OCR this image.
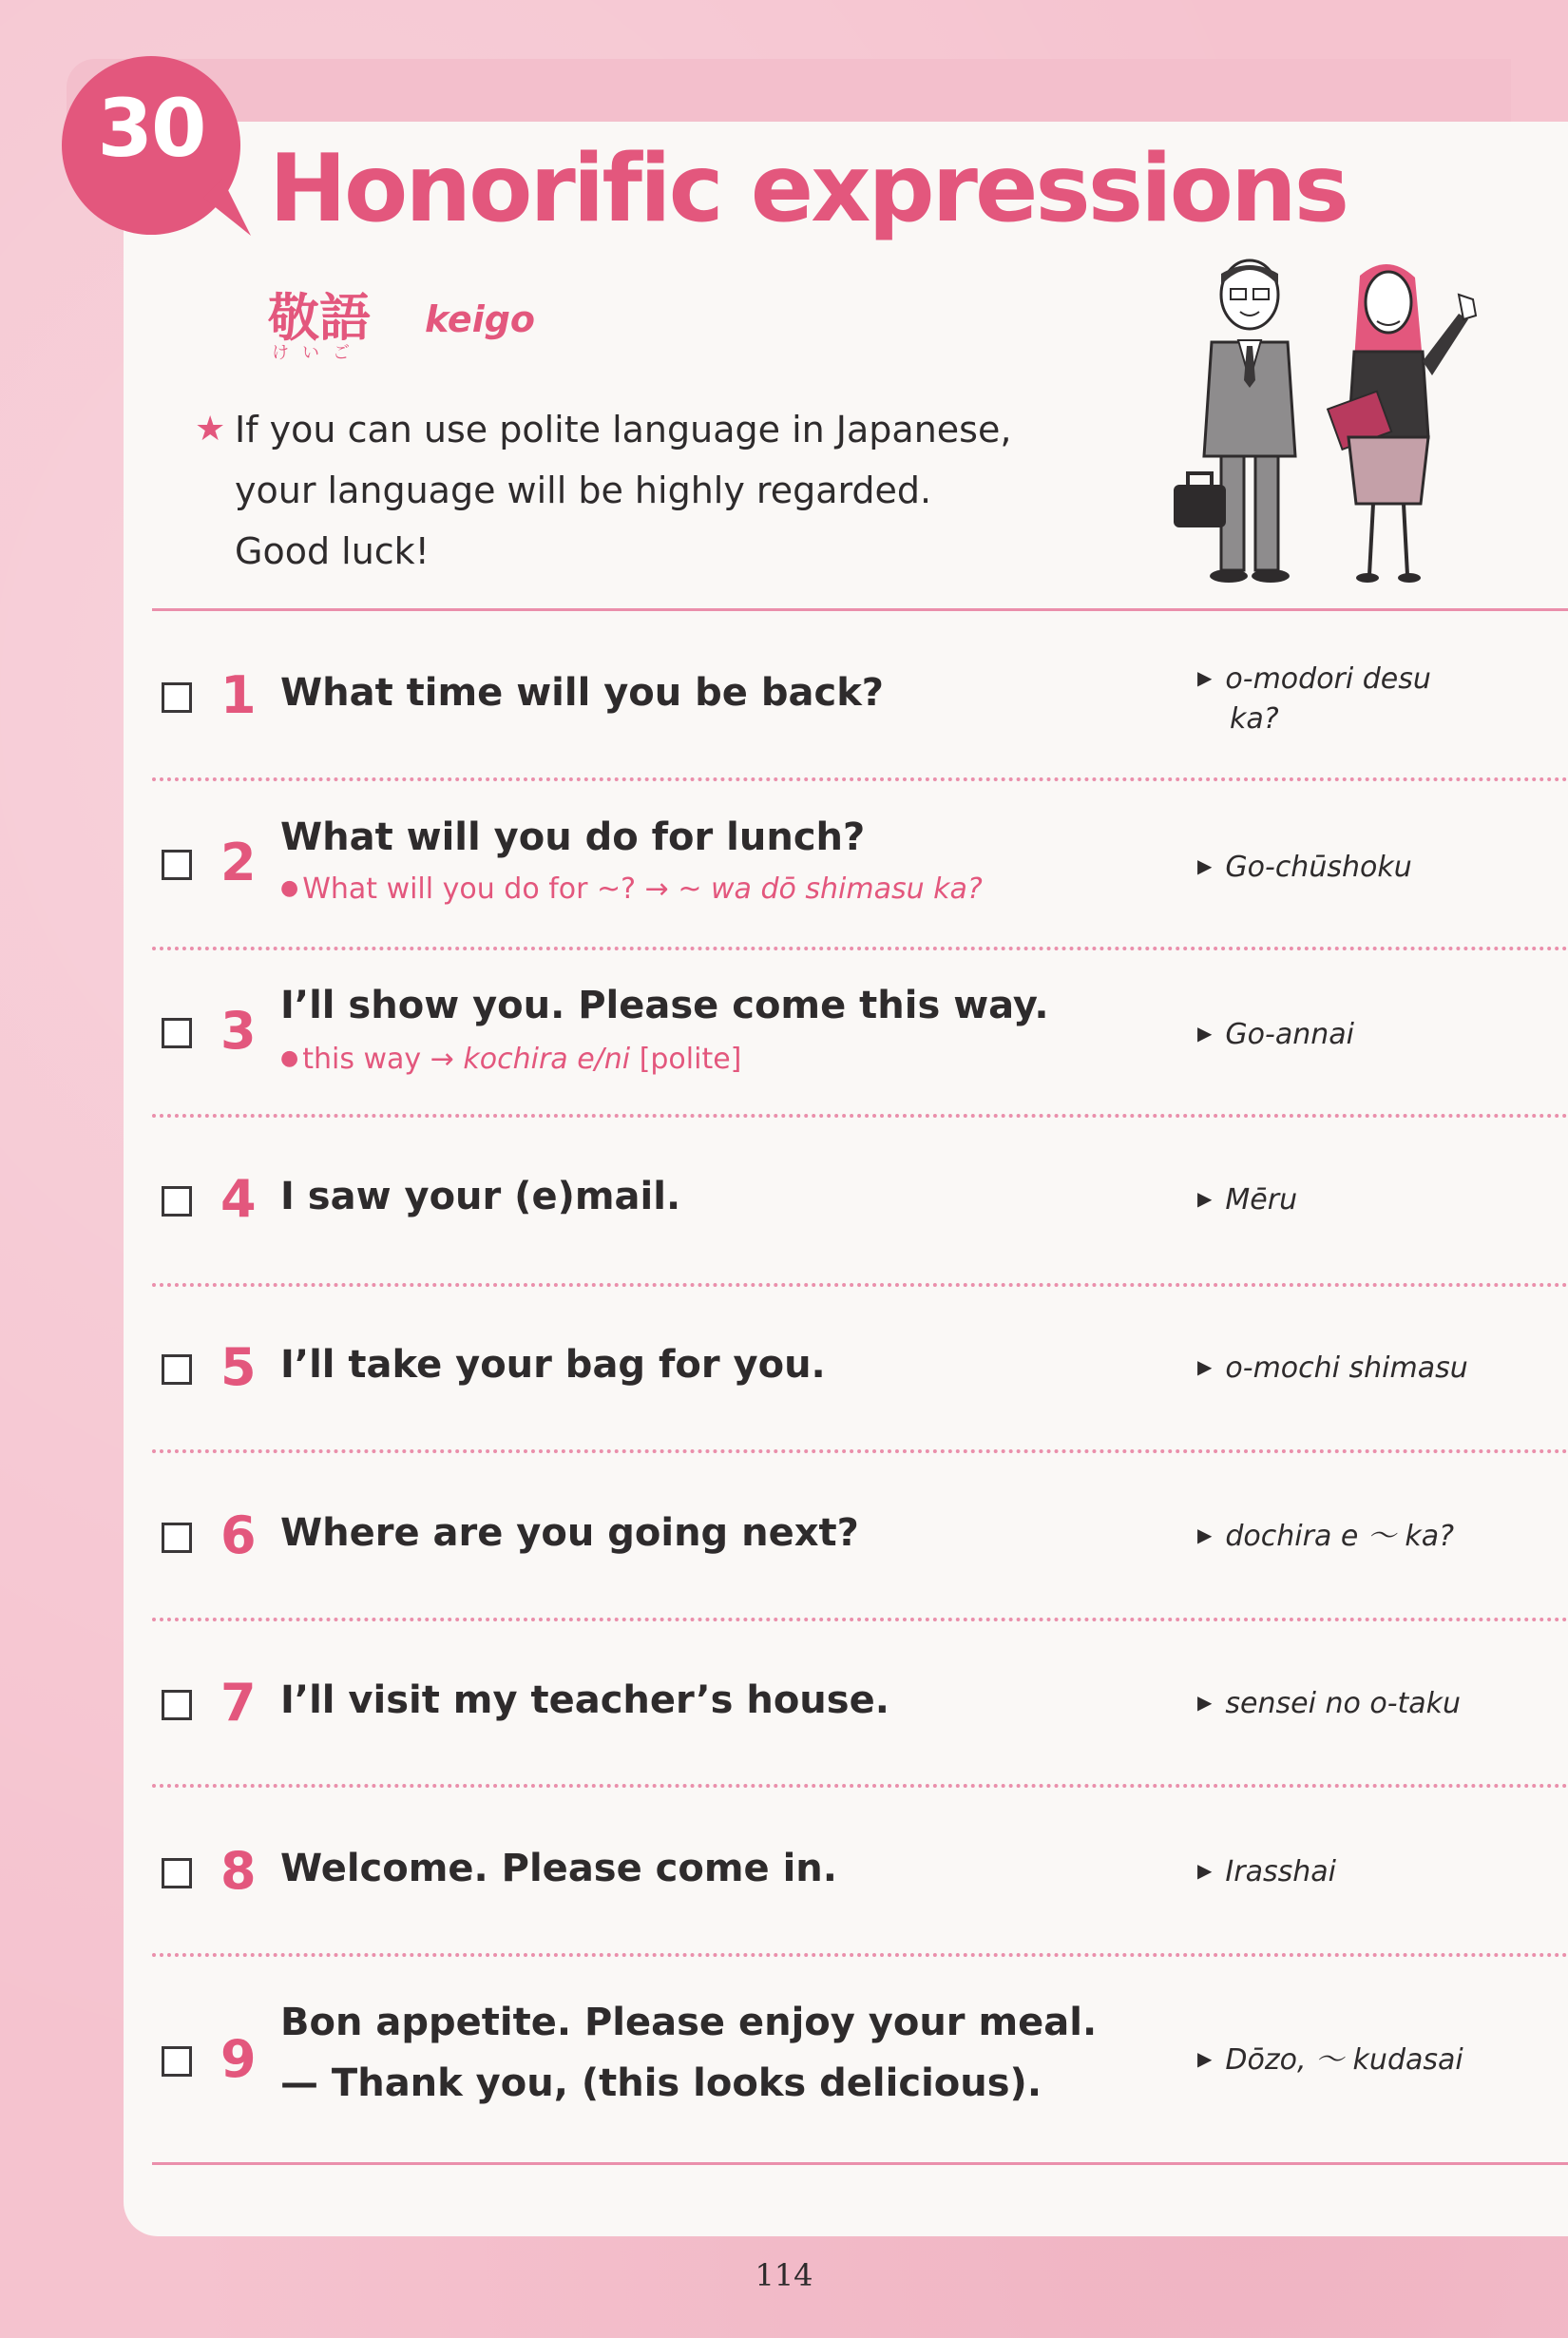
30
Honorific expressions
敬語
けいご
keigo
★ If you can use polite language in Japanese,
your language will be highly regarded.
Good luck!
1 What time will you be back?	▶ o-modori desu
ka?
2 What will you do for lunch?
● What will you do for ~? → ~ wa dō shimasu ka?
▶ Go-chūshoku
3 I’ll show you. Please come this way.
● this way → kochira e/ni [polite]
▶ Go-annai
4 I saw your (e)mail.	▶ Mēru
5 I’ll take your bag for you.	▶ o-mochi shimasu
6 Where are you going next?	▶ dochira e 〜 ka?
7 I’ll visit my teacher’s house.	▶ sensei no o-taku
8 Welcome. Please come in.	▶ Irasshai
9
Bon appetite. Please enjoy your meal.
— Thank you, (this looks delicious).
▶ Dōzo, 〜 kudasai
114
